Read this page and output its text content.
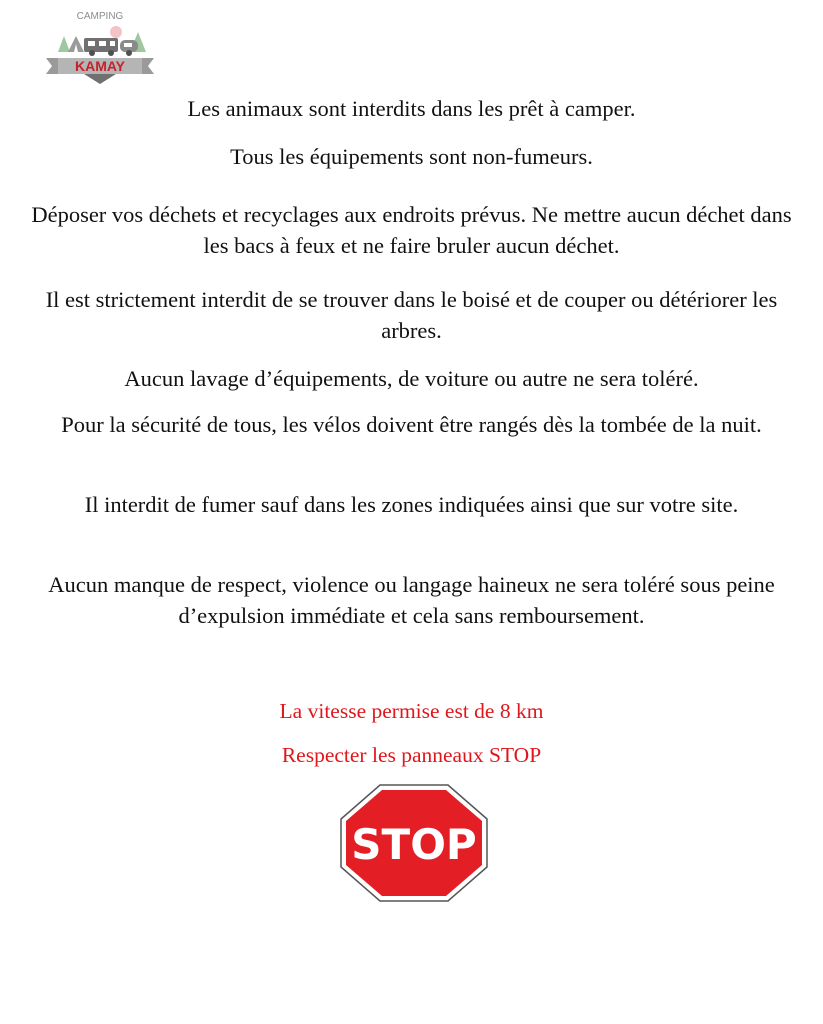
CAMPING
KAMAY

Les animaux sont interdits dans les prêt à camper.

Tous les équipements sont non-fumeurs.

Déposer vos déchets et recyclages aux endroits prévus. Ne mettre aucun déchet dans les bacs à feux et ne faire bruler aucun déchet.

Il est strictement interdit de se trouver dans le boisé et de couper ou détériorer les arbres.

Aucun lavage d’équipements, de voiture ou autre ne sera toléré.

Pour la sécurité de tous, les vélos doivent être rangés dès la tombée de la nuit.

Il interdit de fumer sauf dans les zones indiquées ainsi que sur votre site.

Aucun manque de respect, violence ou langage haineux ne sera toléré sous peine d’expulsion immédiate et cela sans remboursement.

La vitesse permise est de 8 km

Respecter les panneaux STOP

STOP
